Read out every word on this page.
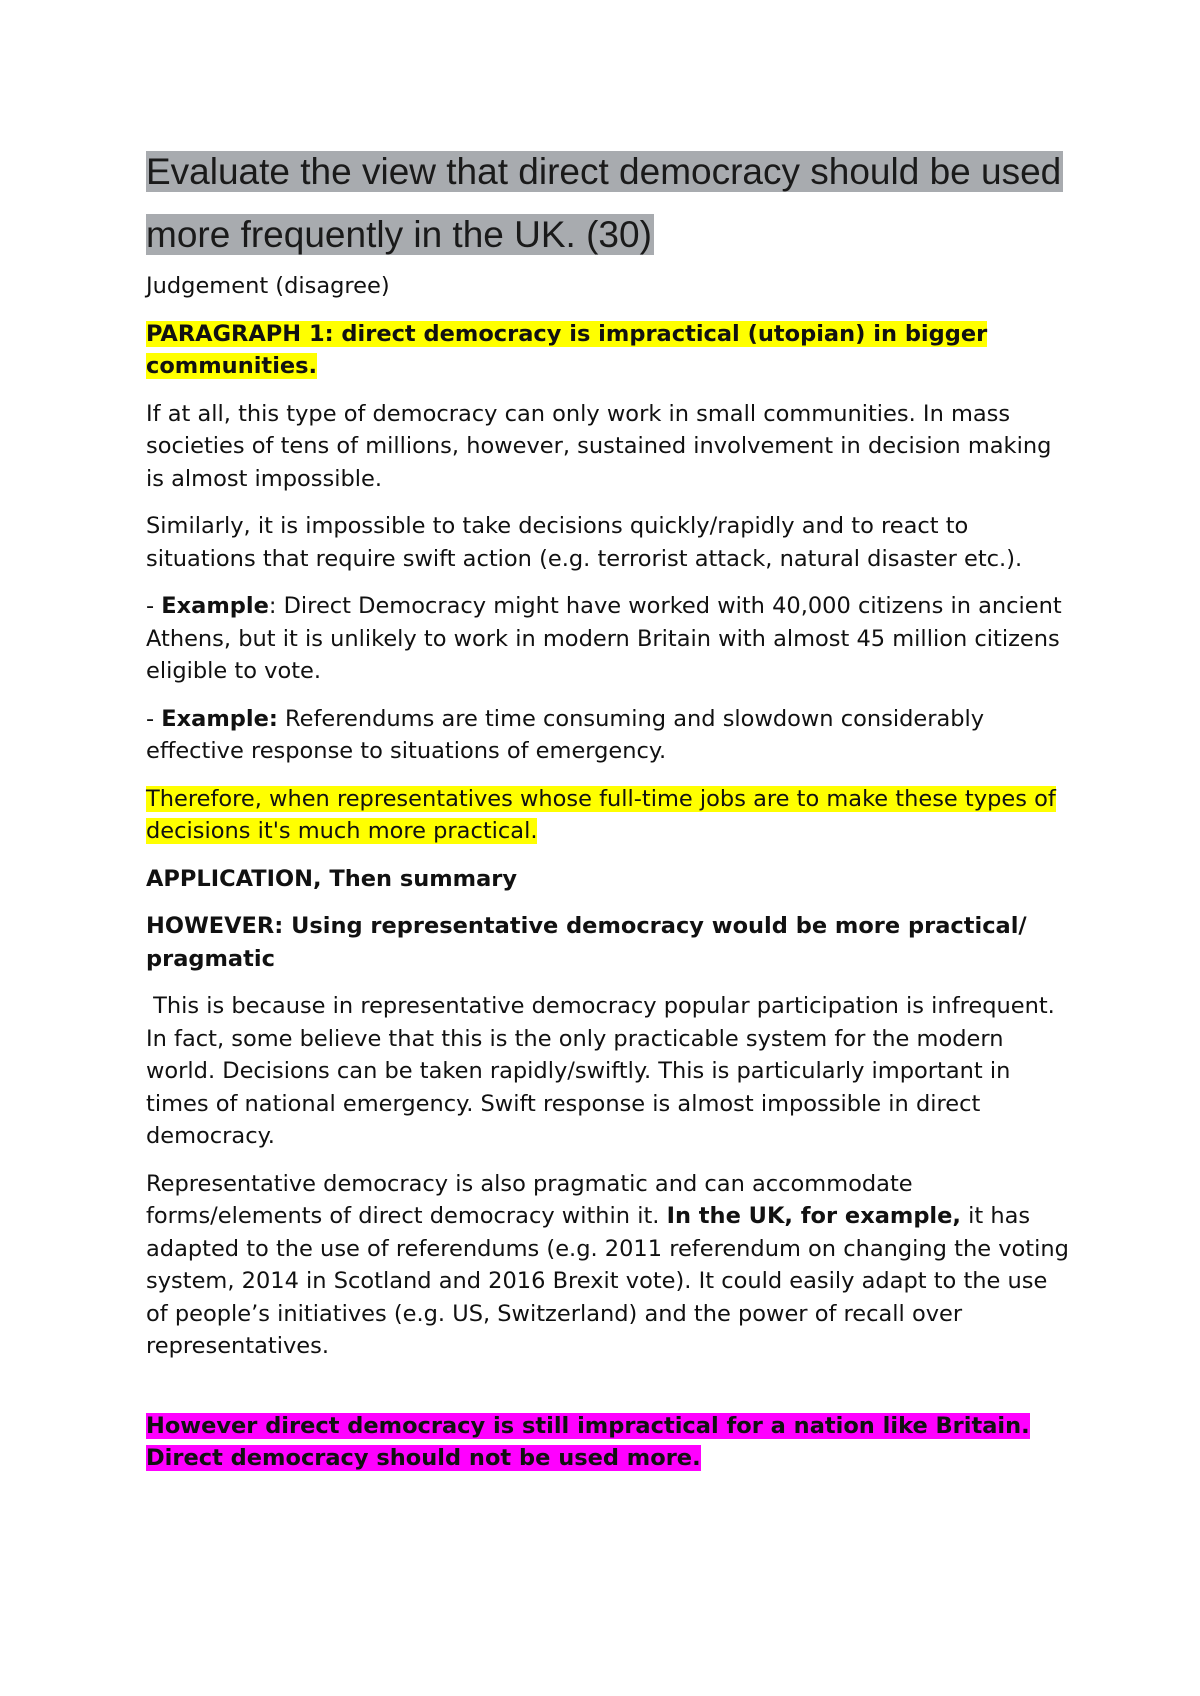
Evaluate the view that direct democracy should be used more frequently in the UK. (30)
Judgement (disagree)
PARAGRAPH 1: direct democracy is impractical (utopian) in bigger communities.
If at all, this type of democracy can only work in small communities. In mass societies of tens of millions, however, sustained involvement in decision making is almost impossible.
Similarly, it is impossible to take decisions quickly/rapidly and to react to situations that require swift action (e.g. terrorist attack, natural disaster etc.).
- Example: Direct Democracy might have worked with 40,000 citizens in ancient Athens, but it is unlikely to work in modern Britain with almost 45 million citizens eligible to vote.
- Example: Referendums are time consuming and slowdown considerably effective response to situations of emergency.
Therefore, when representatives whose full-time jobs are to make these types of decisions it's much more practical.
APPLICATION, Then summary
HOWEVER: Using representative democracy would be more practical/ pragmatic
This is because in representative democracy popular participation is infrequent. In fact, some believe that this is the only practicable system for the modern world. Decisions can be taken rapidly/swiftly. This is particularly important in times of national emergency. Swift response is almost impossible in direct democracy.
Representative democracy is also pragmatic and can accommodate forms/elements of direct democracy within it. In the UK, for example, it has adapted to the use of referendums (e.g. 2011 referendum on changing the voting system, 2014 in Scotland and 2016 Brexit vote). It could easily adapt to the use of people’s initiatives (e.g. US, Switzerland) and the power of recall over representatives.
However direct democracy is still impractical for a nation like Britain. Direct democracy should not be used more.
